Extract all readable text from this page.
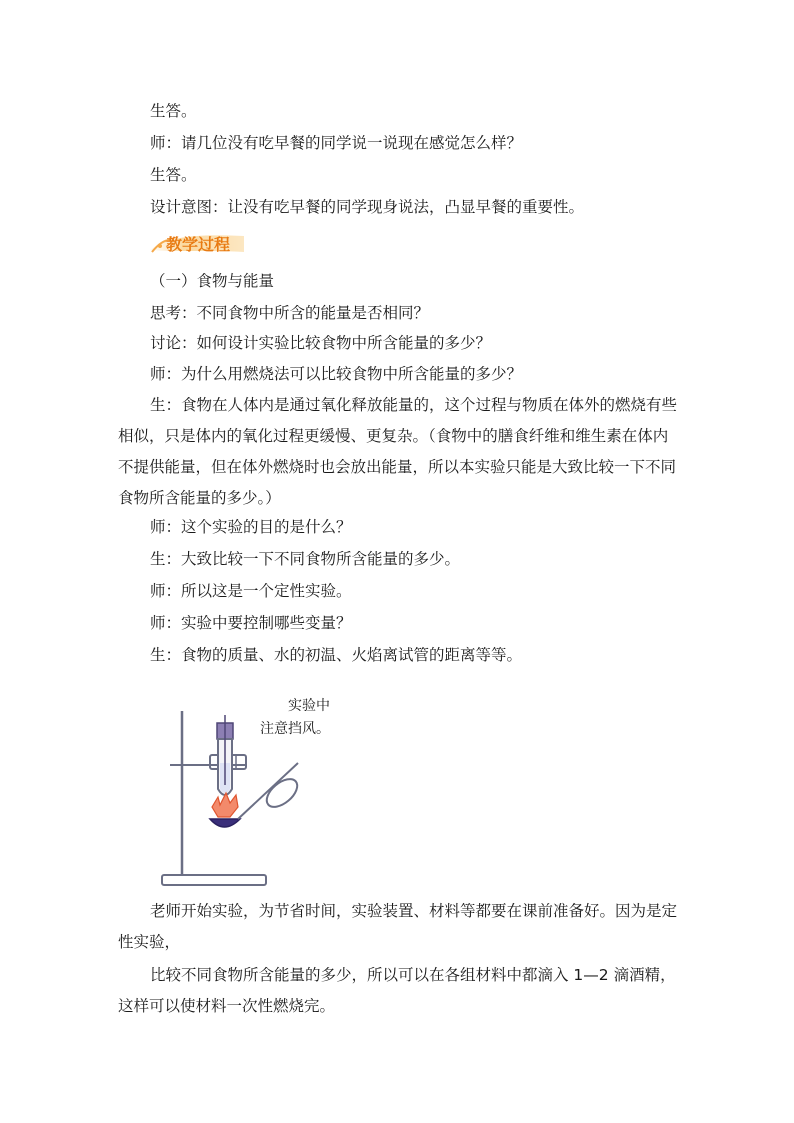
生答。
师：请几位没有吃早餐的同学说一说现在感觉怎么样？
生答。
设计意图：让没有吃早餐的同学现身说法，凸显早餐的重要性。
教学过程
（一）食物与能量
思考：不同食物中所含的能量是否相同？
讨论：如何设计实验比较食物中所含能量的多少？
师：为什么用燃烧法可以比较食物中所含能量的多少？
生：食物在人体内是通过氧化释放能量的，这个过程与物质在体外的燃烧有些相似，只是体内的氧化过程更缓慢、更复杂。（食物中的膳食纤维和维生素在体内不提供能量，但在体外燃烧时也会放出能量，所以本实验只能是大致比较一下不同食物所含能量的多少。）
师：这个实验的目的是什么？
生：大致比较一下不同食物所含能量的多少。
师：所以这是一个定性实验。
师：实验中要控制哪些变量？
生：食物的质量、水的初温、火焰离试管的距离等等。
实验中
注意挡风。
老师开始实验，为节省时间，实验装置、材料等都要在课前准备好。因为是定性实验，
比较不同食物所含能量的多少，所以可以在各组材料中都滴入 1—2 滴酒精，这样可以使材料一次性燃烧完。
